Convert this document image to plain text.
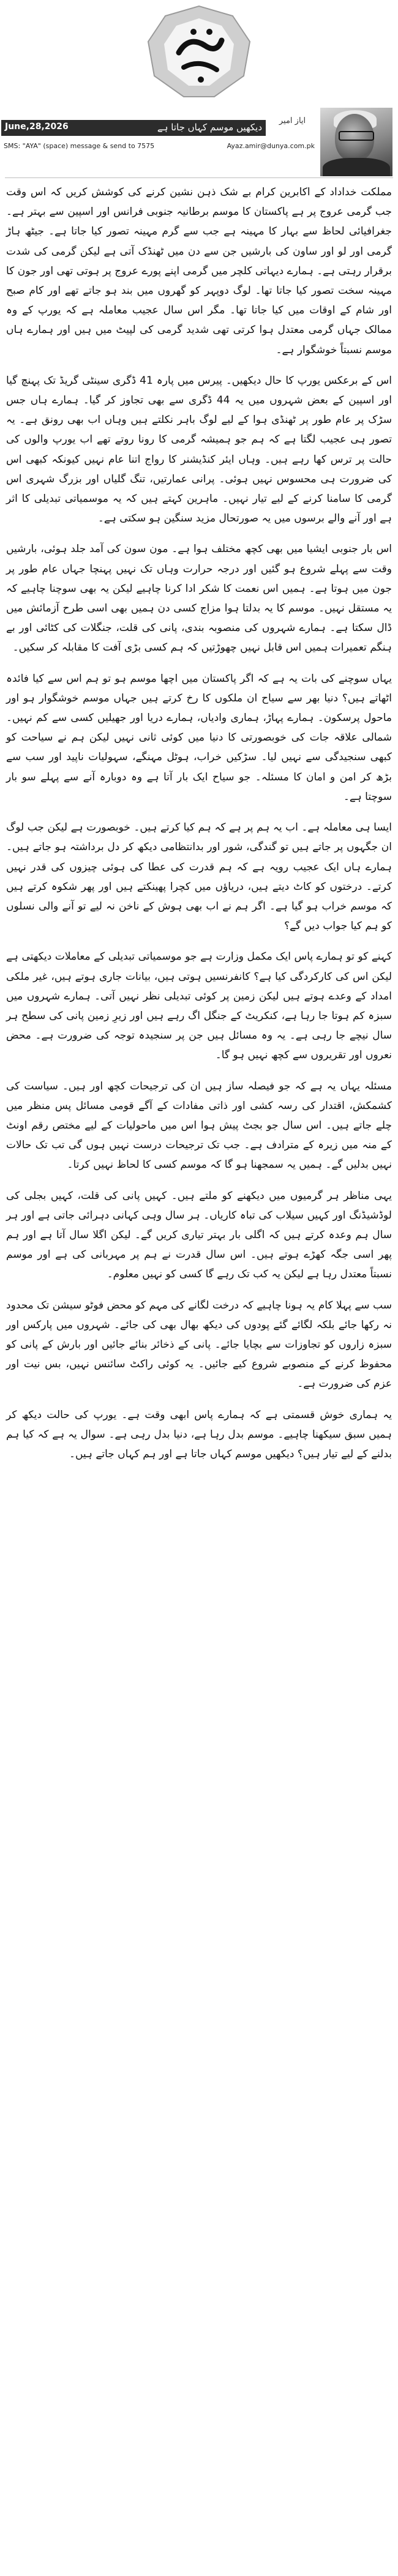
ایاز امیر
June,28,2026	دیکھیں موسم کہاں جاتا ہے
SMS: "AYA" (space) message & send to 7575	Ayaz.amir@dunya.com.pk

مملکت خداداد کے اکابرین کرام بے شک ذہن نشین کرنے کی کوشش کریں کہ اس وقت جب گرمی عروج پر ہے پاکستان کا موسم برطانیہ جنوبی فرانس اور اسپین سے بہتر ہے۔ جغرافیائی لحاظ سے بہار کا مہینہ ہے جب سے گرم مہینہ تصور کیا جاتا ہے۔ جیٹھ ہاڑ گرمی اور لو اور ساون کی بارشیں جن سے دن میں ٹھنڈک آتی ہے لیکن گرمی کی شدت برقرار رہتی ہے۔ ہمارے دیہاتی کلچر میں گرمی اپنے پورے عروج پر ہوتی تھی اور جون کا مہینہ سخت تصور کیا جاتا تھا۔ لوگ دوپہر کو گھروں میں بند ہو جاتے تھے اور کام صبح اور شام کے اوقات میں کیا جاتا تھا۔ مگر اس سال عجیب معاملہ ہے کہ یورپ کے وہ ممالک جہاں گرمی معتدل ہوا کرتی تھی شدید گرمی کی لپیٹ میں ہیں اور ہمارے ہاں موسم نسبتاً خوشگوار ہے۔

اس کے برعکس یورپ کا حال دیکھیں۔ پیرس میں پارہ 41 ڈگری سینٹی گریڈ تک پہنچ گیا اور اسپین کے بعض شہروں میں یہ 44 ڈگری سے بھی تجاوز کر گیا۔ ہمارے ہاں جس سڑک پر عام طور پر ٹھنڈی ہوا کے لیے لوگ باہر نکلتے ہیں وہاں اب بھی رونق ہے۔ یہ تصور ہی عجیب لگتا ہے کہ ہم جو ہمیشہ گرمی کا رونا روتے تھے اب یورپ والوں کی حالت پر ترس کھا رہے ہیں۔ وہاں ایئر کنڈیشنر کا رواج اتنا عام نہیں کیونکہ کبھی اس کی ضرورت ہی محسوس نہیں ہوئی۔ پرانی عمارتیں، تنگ گلیاں اور بزرگ شہری اس گرمی کا سامنا کرنے کے لیے تیار نہیں۔ ماہرین کہتے ہیں کہ یہ موسمیاتی تبدیلی کا اثر ہے اور آنے والے برسوں میں یہ صورتحال مزید سنگین ہو سکتی ہے۔

اس بار جنوبی ایشیا میں بھی کچھ مختلف ہوا ہے۔ مون سون کی آمد جلد ہوئی، بارشیں وقت سے پہلے شروع ہو گئیں اور درجہ حرارت وہاں تک نہیں پہنچا جہاں عام طور پر جون میں ہوتا ہے۔ ہمیں اس نعمت کا شکر ادا کرنا چاہیے لیکن یہ بھی سوچنا چاہیے کہ یہ مستقل نہیں۔ موسم کا یہ بدلتا ہوا مزاج کسی دن ہمیں بھی اسی طرح آزمائش میں ڈال سکتا ہے۔ ہمارے شہروں کی منصوبہ بندی، پانی کی قلت، جنگلات کی کٹائی اور بے ہنگم تعمیرات ہمیں اس قابل نہیں چھوڑتیں کہ ہم کسی بڑی آفت کا مقابلہ کر سکیں۔

یہاں سوچنے کی بات یہ ہے کہ اگر پاکستان میں اچھا موسم ہو تو ہم اس سے کیا فائدہ اٹھاتے ہیں؟ دنیا بھر سے سیاح ان ملکوں کا رخ کرتے ہیں جہاں موسم خوشگوار ہو اور ماحول پرسکون۔ ہمارے پہاڑ، ہماری وادیاں، ہمارے دریا اور جھیلیں کسی سے کم نہیں۔ شمالی علاقہ جات کی خوبصورتی کا دنیا میں کوئی ثانی نہیں لیکن ہم نے سیاحت کو کبھی سنجیدگی سے نہیں لیا۔ سڑکیں خراب، ہوٹل مہنگے، سہولیات ناپید اور سب سے بڑھ کر امن و امان کا مسئلہ۔ جو سیاح ایک بار آتا ہے وہ دوبارہ آنے سے پہلے سو بار سوچتا ہے۔

ایسا ہی معاملہ ہے۔ اب یہ ہم پر ہے کہ ہم کیا کرتے ہیں۔ خوبصورت ہے لیکن جب لوگ ان جگہوں پر جاتے ہیں تو گندگی، شور اور بدانتظامی دیکھ کر دل برداشتہ ہو جاتے ہیں۔ ہمارے ہاں ایک عجیب رویہ ہے کہ ہم قدرت کی عطا کی ہوئی چیزوں کی قدر نہیں کرتے۔ درختوں کو کاٹ دیتے ہیں، دریاؤں میں کچرا پھینکتے ہیں اور پھر شکوہ کرتے ہیں کہ موسم خراب ہو گیا ہے۔ اگر ہم نے اب بھی ہوش کے ناخن نہ لیے تو آنے والی نسلوں کو ہم کیا جواب دیں گے؟

کہنے کو تو ہمارے پاس ایک مکمل وزارت ہے جو موسمیاتی تبدیلی کے معاملات دیکھتی ہے لیکن اس کی کارکردگی کیا ہے؟ کانفرنسیں ہوتی ہیں، بیانات جاری ہوتے ہیں، غیر ملکی امداد کے وعدے ہوتے ہیں لیکن زمین پر کوئی تبدیلی نظر نہیں آتی۔ ہمارے شہروں میں سبزہ کم ہوتا جا رہا ہے، کنکریٹ کے جنگل اگ رہے ہیں اور زیرِ زمین پانی کی سطح ہر سال نیچے جا رہی ہے۔ یہ وہ مسائل ہیں جن پر سنجیدہ توجہ کی ضرورت ہے۔ محض نعروں اور تقریروں سے کچھ نہیں ہو گا۔

مسئلہ یہاں یہ ہے کہ جو فیصلہ ساز ہیں ان کی ترجیحات کچھ اور ہیں۔ سیاست کی کشمکش، اقتدار کی رسہ کشی اور ذاتی مفادات کے آگے قومی مسائل پس منظر میں چلے جاتے ہیں۔ اس سال جو بجٹ پیش ہوا اس میں ماحولیات کے لیے مختص رقم اونٹ کے منہ میں زیرہ کے مترادف ہے۔ جب تک ترجیحات درست نہیں ہوں گی تب تک حالات نہیں بدلیں گے۔ ہمیں یہ سمجھنا ہو گا کہ موسم کسی کا لحاظ نہیں کرتا۔

یہی مناظر ہر گرمیوں میں دیکھنے کو ملتے ہیں۔ کہیں پانی کی قلت، کہیں بجلی کی لوڈشیڈنگ اور کہیں سیلاب کی تباہ کاریاں۔ ہر سال وہی کہانی دہرائی جاتی ہے اور ہر سال ہم وعدہ کرتے ہیں کہ اگلی بار بہتر تیاری کریں گے۔ لیکن اگلا سال آتا ہے اور ہم پھر اسی جگہ کھڑے ہوتے ہیں۔ اس سال قدرت نے ہم پر مہربانی کی ہے اور موسم نسبتاً معتدل رہا ہے لیکن یہ کب تک رہے گا کسی کو نہیں معلوم۔

سب سے پہلا کام یہ ہونا چاہیے کہ درخت لگانے کی مہم کو محض فوٹو سیشن تک محدود نہ رکھا جائے بلکہ لگائے گئے پودوں کی دیکھ بھال بھی کی جائے۔ شہروں میں پارکس اور سبزہ زاروں کو تجاوزات سے بچایا جائے۔ پانی کے ذخائر بنائے جائیں اور بارش کے پانی کو محفوظ کرنے کے منصوبے شروع کیے جائیں۔ یہ کوئی راکٹ سائنس نہیں، بس نیت اور عزم کی ضرورت ہے۔

یہ ہماری خوش قسمتی ہے کہ ہمارے پاس ابھی وقت ہے۔ یورپ کی حالت دیکھ کر ہمیں سبق سیکھنا چاہیے۔ موسم بدل رہا ہے، دنیا بدل رہی ہے۔ سوال یہ ہے کہ کیا ہم بدلنے کے لیے تیار ہیں؟ دیکھیں موسم کہاں جاتا ہے اور ہم کہاں جاتے ہیں۔
